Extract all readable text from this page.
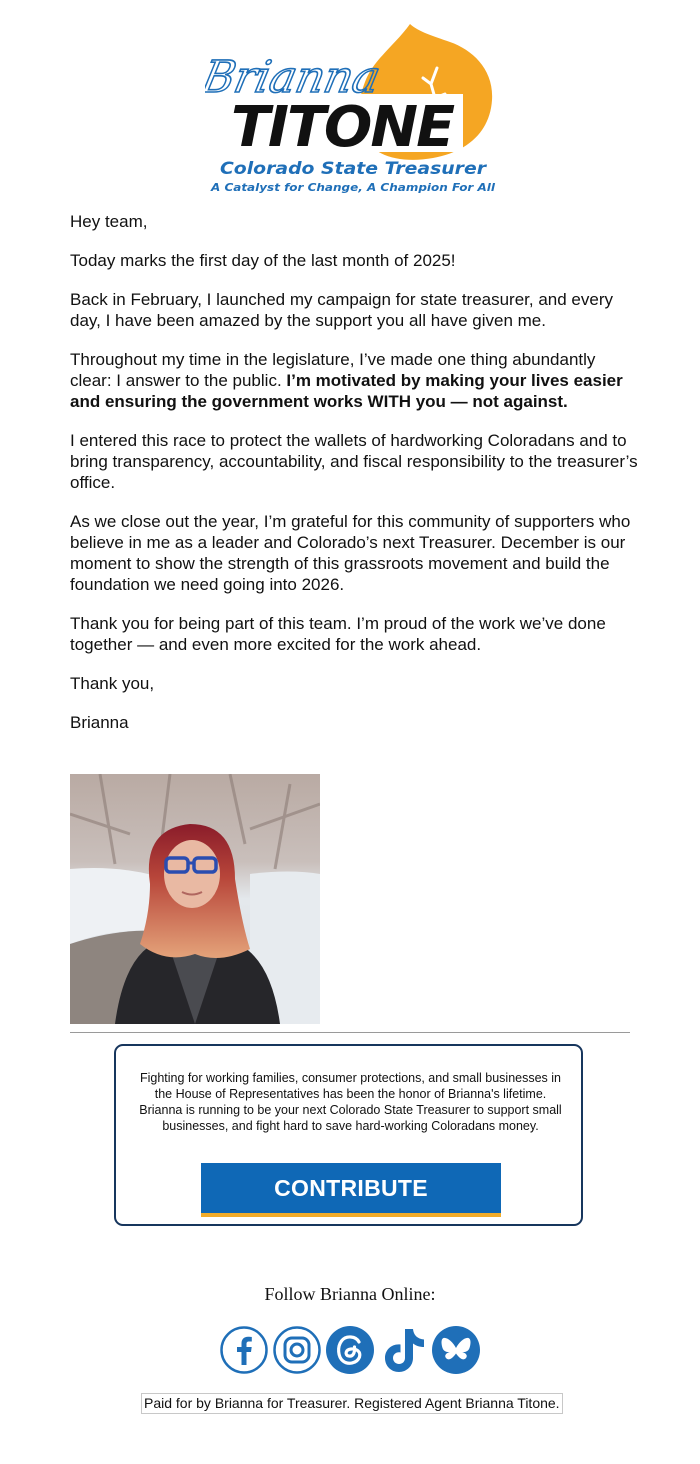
Brianna
TITONE
Colorado State Treasurer
A Catalyst for Change, A Champion For All

Hey team,

Today marks the first day of the last month of 2025!

Back in February, I launched my campaign for state treasurer, and every day, I have been amazed by the support you all have given me.

Throughout my time in the legislature, I’ve made one thing abundantly clear: I answer to the public. I’m motivated by making your lives easier and ensuring the government works WITH you — not against.

I entered this race to protect the wallets of hardworking Coloradans and to bring transparency, accountability, and fiscal responsibility to the treasurer’s office.

As we close out the year, I’m grateful for this community of supporters who believe in me as a leader and Colorado’s next Treasurer. December is our moment to show the strength of this grassroots movement and build the foundation we need going into 2026.

Thank you for being part of this team. I’m proud of the work we’ve done together — and even more excited for the work ahead.

Thank you,

Brianna

Fighting for working families, consumer protections, and small businesses in the House of Representatives has been the honor of Brianna's lifetime. Brianna is running to be your next Colorado State Treasurer to support small businesses, and fight hard to save hard-working Coloradans money.
CONTRIBUTE
Follow Brianna Online:
Paid for by Brianna for Treasurer. Registered Agent Brianna Titone.
